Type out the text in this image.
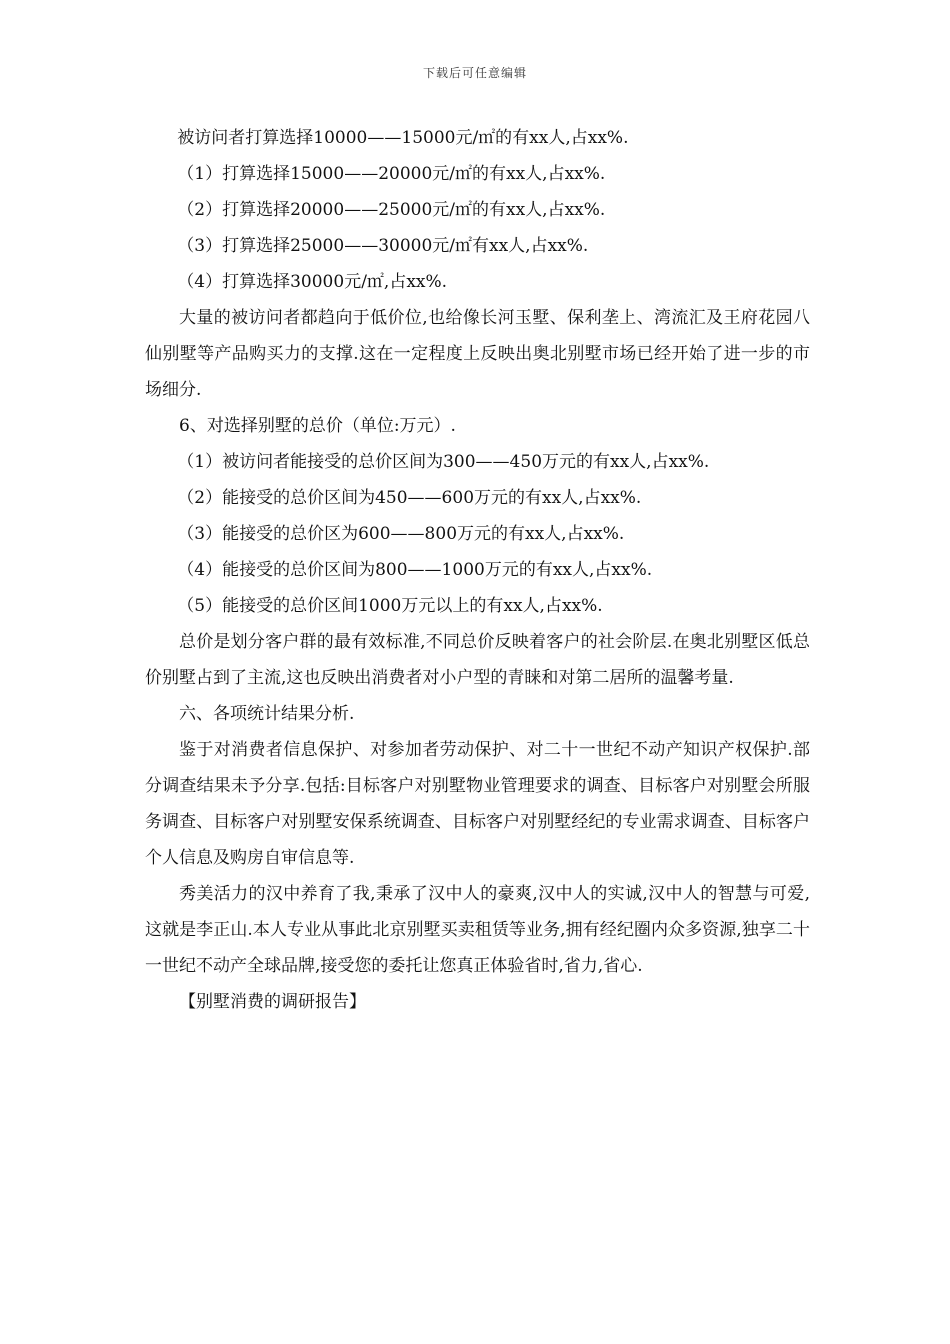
下载后可任意编辑

被访问者打算选择10000——15000元/㎡的有xx人,占xx%.

（1）打算选择15000——20000元/㎡的有xx人,占xx%.

（2）打算选择20000——25000元/㎡的有xx人,占xx%.

（3）打算选择25000——30000元/㎡有xx人,占xx%.

（4）打算选择30000元/㎡,占xx%.

大量的被访问者都趋向于低价位,也给像长河玉墅、保利垄上、湾流汇及王府花园八仙别墅等产品购买力的支撑.这在一定程度上反映出奥北别墅市场已经开始了进一步的市场细分.

6、对选择别墅的总价（单位:万元）.

（1）被访问者能接受的总价区间为300——450万元的有xx人,占xx%.

（2）能接受的总价区间为450——600万元的有xx人,占xx%.

（3）能接受的总价区为600——800万元的有xx人,占xx%.

（4）能接受的总价区间为800——1000万元的有xx人,占xx%.

（5）能接受的总价区间1000万元以上的有xx人,占xx%.

总价是划分客户群的最有效标准,不同总价反映着客户的社会阶层.在奥北别墅区低总价别墅占到了主流,这也反映出消费者对小户型的青睐和对第二居所的温馨考量.

六、各项统计结果分析.

鉴于对消费者信息保护、对参加者劳动保护、对二十一世纪不动产知识产权保护.部分调查结果未予分享.包括:目标客户对别墅物业管理要求的调查、目标客户对别墅会所服务调查、目标客户对别墅安保系统调查、目标客户对别墅经纪的专业需求调查、目标客户个人信息及购房自审信息等.

秀美活力的汉中养育了我,秉承了汉中人的豪爽,汉中人的实诚,汉中人的智慧与可爱,这就是李正山.本人专业从事此北京别墅买卖租赁等业务,拥有经纪圈内众多资源,独享二十一世纪不动产全球品牌,接受您的委托让您真正体验省时,省力,省心.

【别墅消费的调研报告】
